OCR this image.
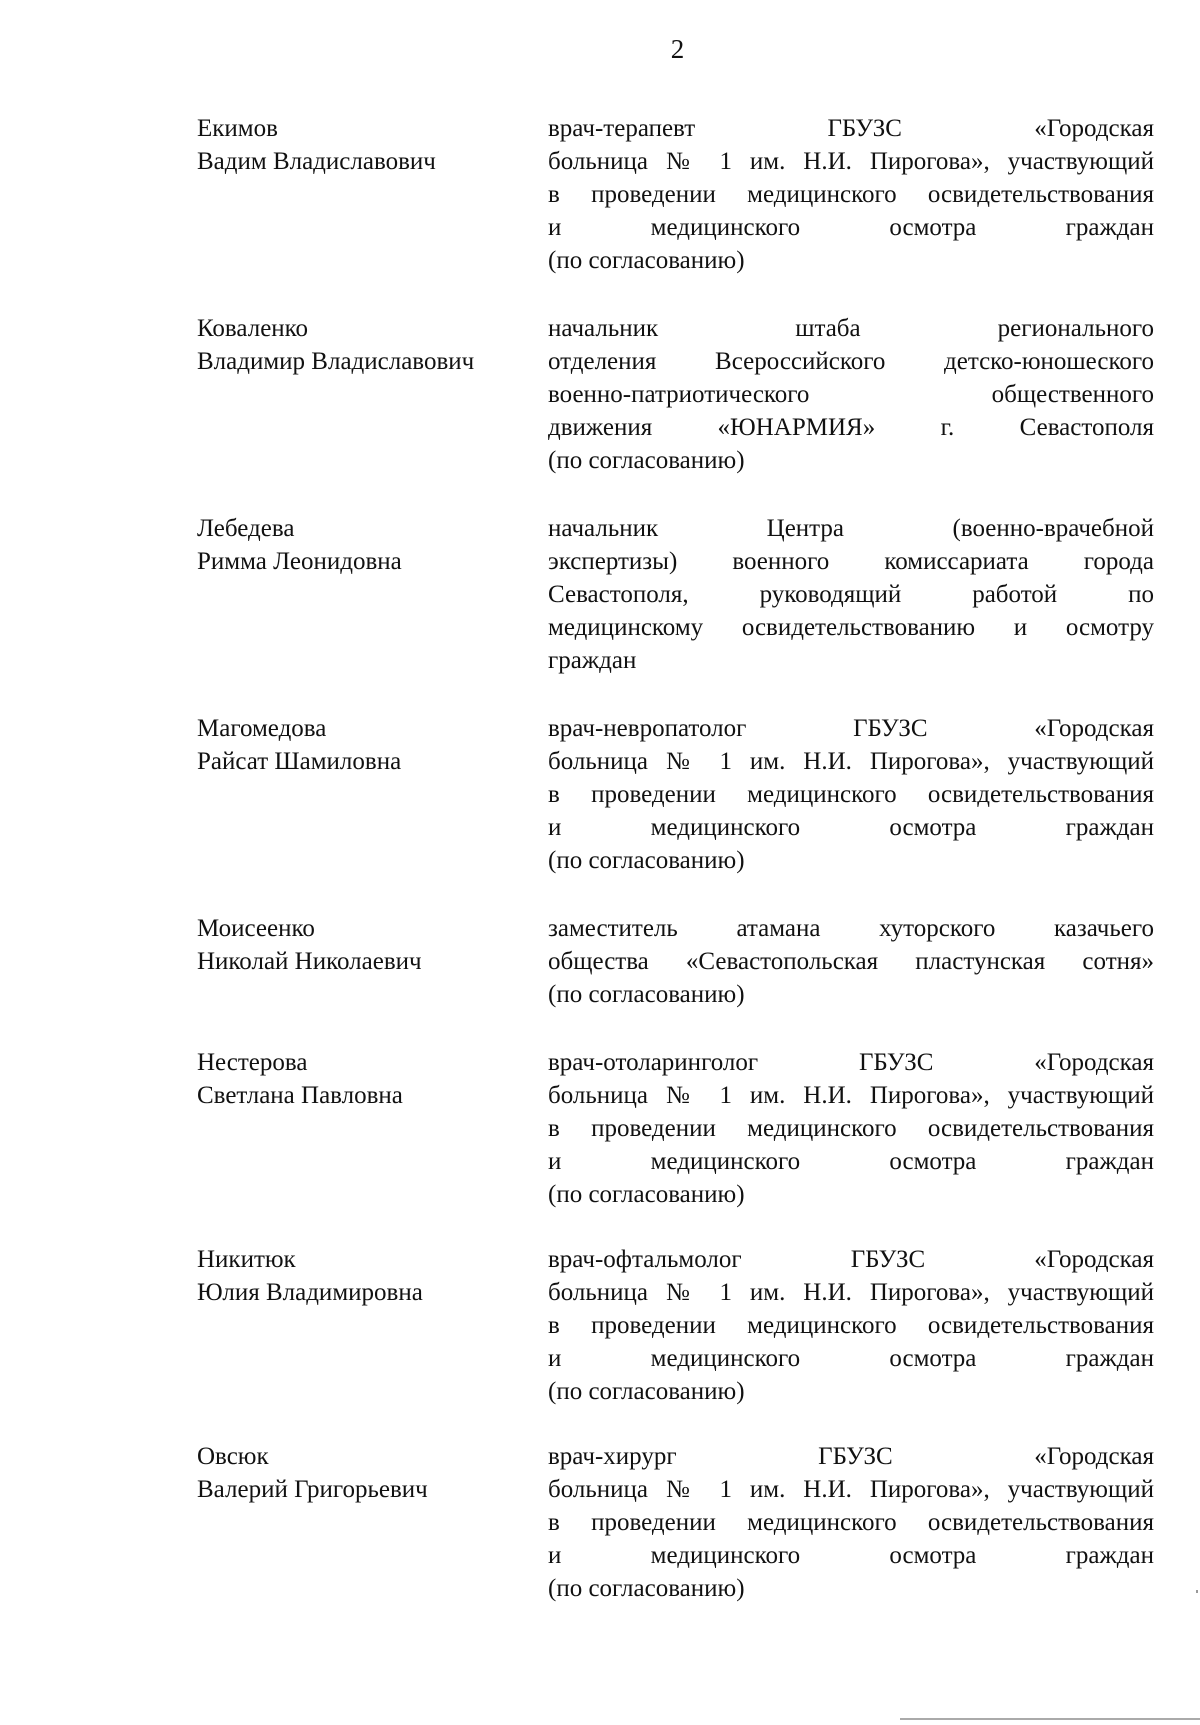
2
Екимов
Вадим Владиславович
врач-терапевт ГБУЗС «Городская
больница № 1 им. Н.И. Пирогова», участвующий
в проведении медицинского освидетельствования
и медицинского осмотра граждан
(по согласованию)
Коваленко
Владимир Владиславович
начальник штаба регионального
отделения Всероссийского детско-юношеского
военно-патриотического общественного
движения «ЮНАРМИЯ» г. Севастополя
(по согласованию)
Лебедева
Римма Леонидовна
начальник Центра (военно-врачебной
экспертизы) военного комиссариата города
Севастополя, руководящий работой по
медицинскому освидетельствованию и осмотру
граждан
Магомедова
Райсат Шамиловна
врач-невропатолог ГБУЗС «Городская
больница № 1 им. Н.И. Пирогова», участвующий
в проведении медицинского освидетельствования
и медицинского осмотра граждан
(по согласованию)
Моисеенко
Николай Николаевич
заместитель атамана хуторского казачьего
общества «Севастопольская пластунская сотня»
(по согласованию)
Нестерова
Светлана Павловна
врач-отоларинголог ГБУЗС «Городская
больница № 1 им. Н.И. Пирогова», участвующий
в проведении медицинского освидетельствования
и медицинского осмотра граждан
(по согласованию)
Никитюк
Юлия Владимировна
врач-офтальмолог ГБУЗС «Городская
больница № 1 им. Н.И. Пирогова», участвующий
в проведении медицинского освидетельствования
и медицинского осмотра граждан
(по согласованию)
Овсюк
Валерий Григорьевич
врач-хирург ГБУЗС «Городская
больница № 1 им. Н.И. Пирогова», участвующий
в проведении медицинского освидетельствования
и медицинского осмотра граждан
(по согласованию)
